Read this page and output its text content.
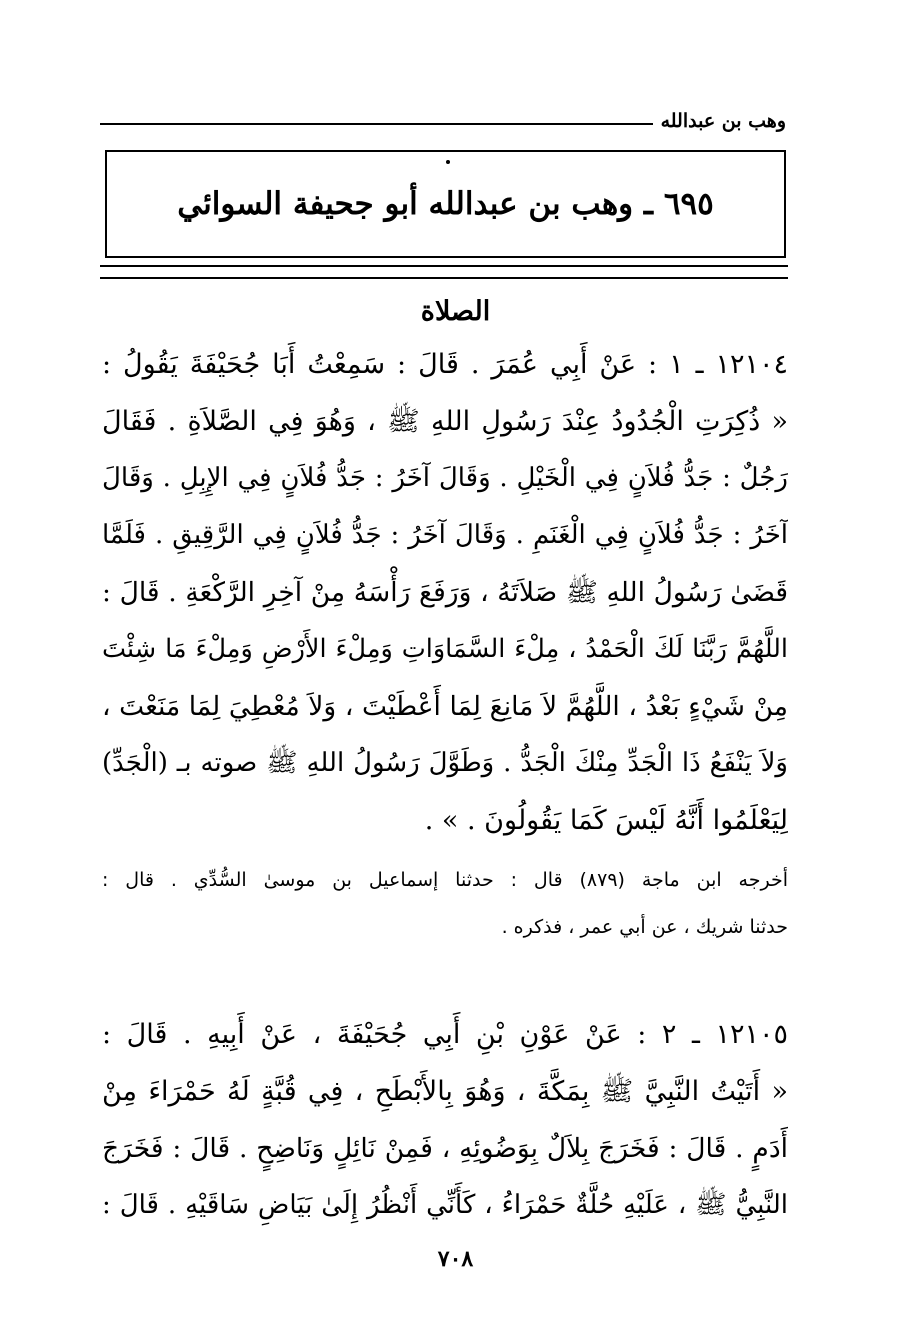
وهب بن عبدالله
٦٩٥ ـ وهب بن عبدالله أبو جحيفة السوائي
الصلاة
١٢١٠٤ ـ ١ : عَنْ أَبِي عُمَرَ . قَالَ : سَمِعْتُ أَبَا جُحَيْفَةَ يَقُولُ :
« ذُكِرَتِ الْجُدُودُ عِنْدَ رَسُولِ اللهِ ﷺ ، وَهُوَ فِي الصَّلاَةِ . فَقَالَ
رَجُلٌ : جَدُّ فُلاَنٍ فِي الْخَيْلِ . وَقَالَ آخَرُ : جَدُّ فُلاَنٍ فِي الإِبِلِ . وَقَالَ
آخَرُ : جَدُّ فُلاَنٍ فِي الْغَنَمِ . وَقَالَ آخَرُ : جَدُّ فُلاَنٍ فِي الرَّقِيقِ . فَلَمَّا
قَضَىٰ رَسُولُ اللهِ ﷺ صَلاَتَهُ ، وَرَفَعَ رَأْسَهُ مِنْ آخِرِ الرَّكْعَةِ . قَالَ :
اللَّهُمَّ رَبَّنَا لَكَ الْحَمْدُ ، مِلْءَ السَّمَاوَاتِ وَمِلْءَ الأَرْضِ وَمِلْءَ مَا شِئْتَ
مِنْ شَيْءٍ بَعْدُ ، اللَّهُمَّ لاَ مَانِعَ لِمَا أَعْطَيْتَ ، وَلاَ مُعْطِيَ لِمَا مَنَعْتَ ،
وَلاَ يَنْفَعُ ذَا الْجَدِّ مِنْكَ الْجَدُّ . وَطَوَّلَ رَسُولُ اللهِ ﷺ صوته بـ (الْجَدِّ)
لِيَعْلَمُوا أَنَّهُ لَيْسَ كَمَا يَقُولُونَ . » .
أخرجه ابن ماجة (٨٧٩) قال : حدثنا إسماعيل بن موسىٰ السُّدِّي . قال :
حدثنا شريك ، عن أبي عمر ، فذكره .
١٢١٠٥ ـ ٢ : عَنْ عَوْنِ بْنِ أَبِي جُحَيْفَةَ ، عَنْ أَبِيهِ . قَالَ :
« أَتَيْتُ النَّبِيَّ ﷺ بِمَكَّةَ ، وَهُوَ بِالأَبْطَحِ ، فِي قُبَّةٍ لَهُ حَمْرَاءَ مِنْ
أَدَمٍ . قَالَ : فَخَرَجَ بِلاَلٌ بِوَضُوئِهِ ، فَمِنْ نَائِلٍ وَنَاضِحٍ . قَالَ : فَخَرَجَ
النَّبِيُّ ﷺ ، عَلَيْهِ حُلَّةٌ حَمْرَاءُ ، كَأَنِّي أَنْظُرُ إِلَىٰ بَيَاضِ سَاقَيْهِ . قَالَ :
٧٠٨
